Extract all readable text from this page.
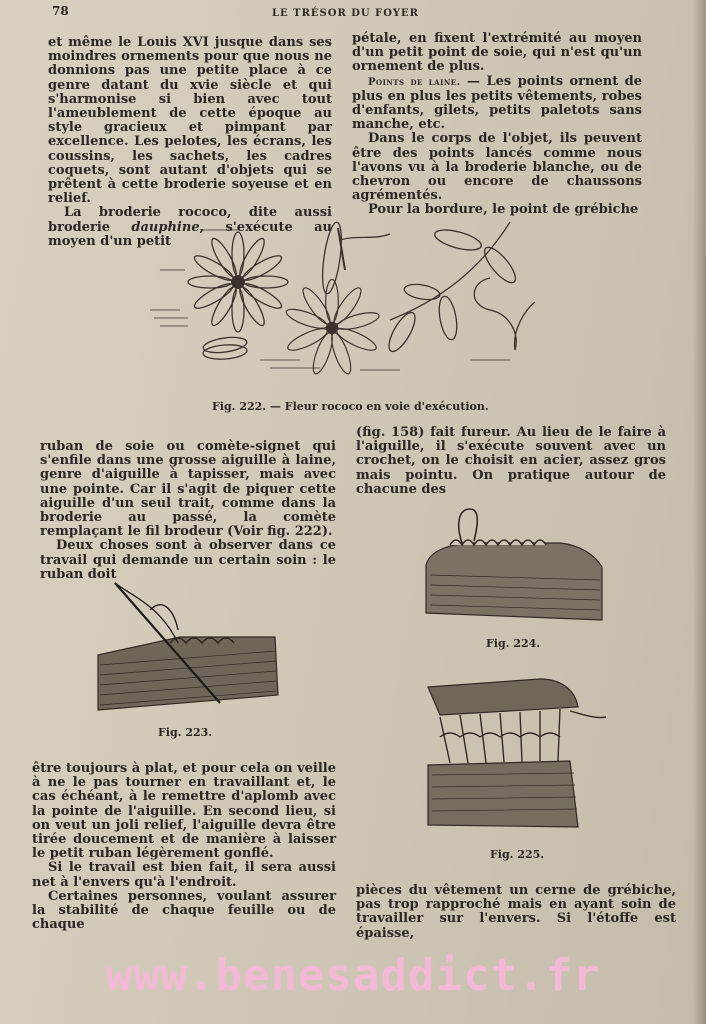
78	LE TRÉSOR DU FOYER

et même le Louis XVI jusque dans ses moindres ornements pour que nous ne donnions pas une petite place à ce genre datant du xvie siècle et qui s'harmonise si bien avec tout l'ameublement de cette époque au style gracieux et pimpant par excellence. Les pelotes, les écrans, les coussins, les sachets, les cadres coquets, sont autant d'objets qui se prêtent à cette broderie soyeuse et en relief.

La broderie rococo, dite aussi broderie dauphine, s'exécute au moyen d'un petit

pétale, en fixent l'extrémité au moyen d'un petit point de soie, qui n'est qu'un ornement de plus.

Points de laine. — Les points ornent de plus en plus les petits vêtements, robes d'enfants, gilets, petits paletots sans manche, etc.

Dans le corps de l'objet, ils peuvent être des points lancés comme nous l'avons vu à la broderie blanche, ou de chevron ou encore de chaussons agrémentés.

Pour la bordure, le point de grébiche

Fig. 222. — Fleur rococo en voie d'exécution.

ruban de soie ou comète-signet qui s'enfile dans une grosse aiguille à laine, genre d'aiguille à tapisser, mais avec une pointe. Car il s'agit de piquer cette aiguille d'un seul trait, comme dans la broderie au passé, la comète remplaçant le fil brodeur (Voir fig. 222).

Deux choses sont à observer dans ce travail qui demande un certain soin : le ruban doit

(fig. 158) fait fureur. Au lieu de le faire à l'aiguille, il s'exécute souvent avec un crochet, on le choisit en acier, assez gros mais pointu. On pratique autour de chacune des

Fig. 223.
Fig. 224.
Fig. 225.

être toujours à plat, et pour cela on veille à ne le pas tourner en travaillant et, le cas échéant, à le remettre d'aplomb avec la pointe de l'aiguille. En second lieu, si on veut un joli relief, l'aiguille devra être tirée doucement et de manière à laisser le petit ruban légèrement gonflé.

Si le travail est bien fait, il sera aussi net à l'envers qu'à l'endroit.

Certaines personnes, voulant assurer la stabilité de chaque feuille ou de chaque

pièces du vêtement un cerne de grébiche, pas trop rapproché mais en ayant soin de travailler sur l'envers. Si l'étoffe est épaisse,

www.benesaddict.fr
